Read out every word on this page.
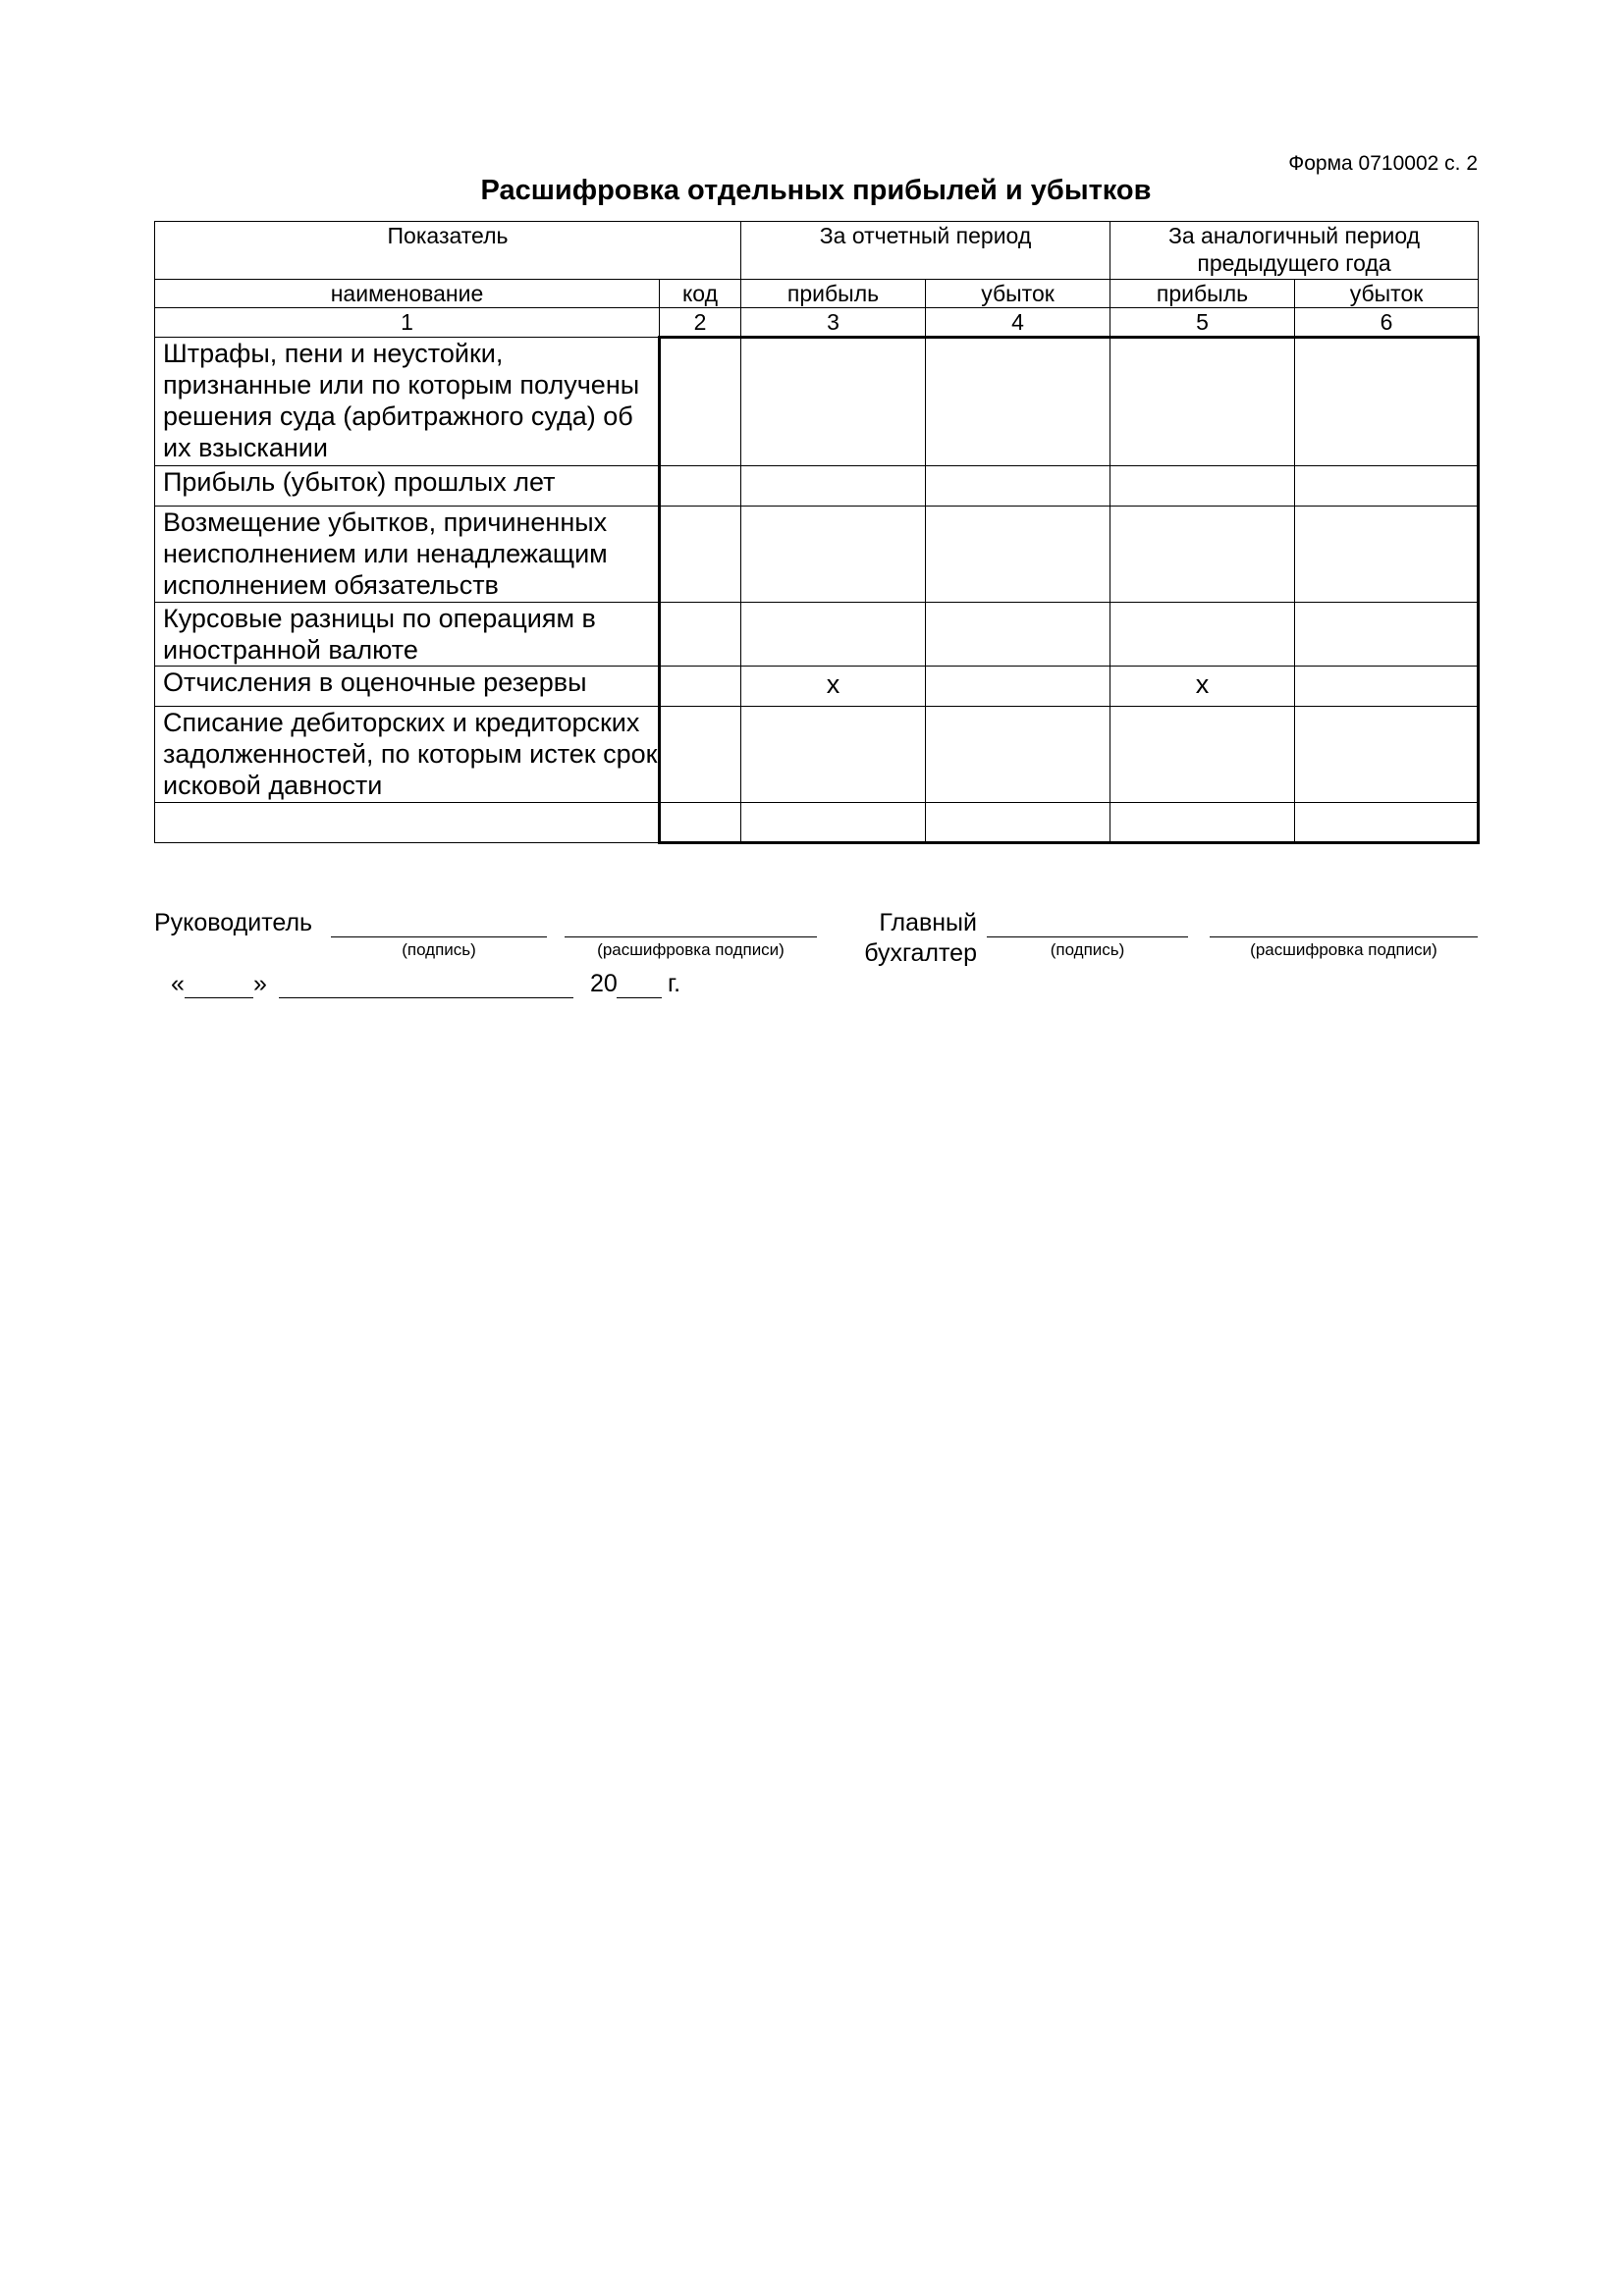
Форма 0710002 с. 2
Расшифровка отдельных прибылей и убытков
Показатель		За отчетный период		За аналогичный период предыдущего года	
наименование	код	прибыль	убыток	прибыль	убыток
1	2	3	4	5	6
Штрафы, пени и неустойки, признанные или по которым получены решения суда (арбитражного суда) об их взыскании					
Прибыль (убыток) прошлых лет					
Возмещение убытков, причиненных неисполнением или ненадлежащим исполнением обязательств					
Курсовые разницы по операциям в иностранной валюте					
Отчисления в оценочные резервы		x		x	
Списание дебиторских и кредиторских задолженностей, по которым истек срок исковой давности					

Руководитель
(подпись)	(расшифровка подписи)
Главный
бухгалтер	(подпись)	(расшифровка подписи)
«	»	20 г.
